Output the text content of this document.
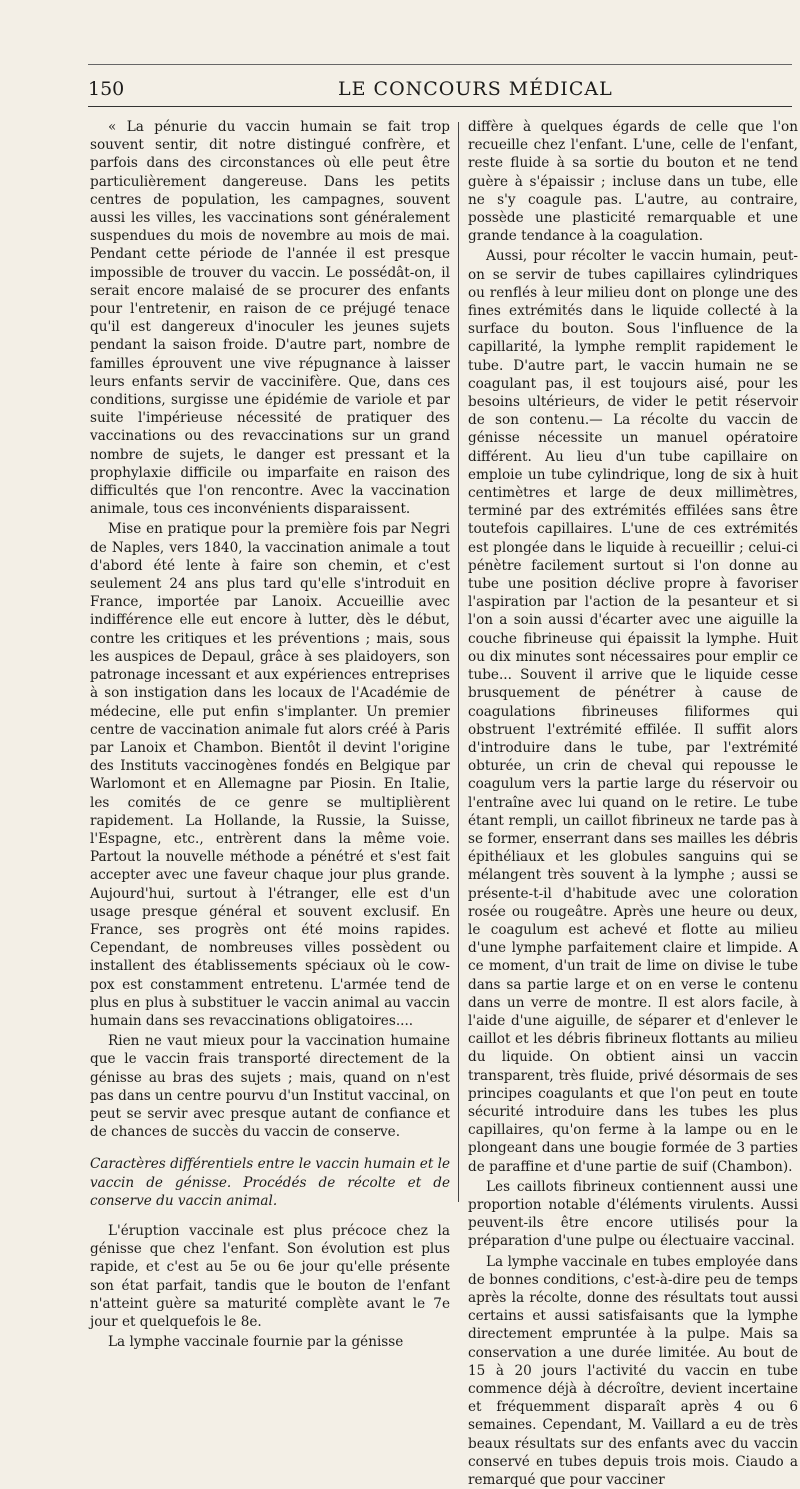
150	LE CONCOURS MÉDICAL

« La pénurie du vaccin humain se fait trop souvent sentir, dit notre distingué confrère, et parfois dans des circonstances où elle peut être particulièrement dangereuse. Dans les petits centres de population, les campagnes, souvent aussi les villes, les vaccinations sont généralement suspendues du mois de novembre au mois de mai. Pendant cette période de l'année il est presque impossible de trouver du vaccin. Le possédât-on, il serait encore malaisé de se procurer des enfants pour l'entretenir, en raison de ce préjugé tenace qu'il est dangereux d'inoculer les jeunes sujets pendant la saison froide. D'autre part, nombre de familles éprouvent une vive répugnance à laisser leurs enfants servir de vaccinifère. Que, dans ces conditions, surgisse une épidémie de variole et par suite l'impérieuse nécessité de pratiquer des vaccinations ou des revaccinations sur un grand nombre de sujets, le danger est pressant et la prophylaxie difficile ou imparfaite en raison des difficultés que l'on rencontre. Avec la vaccination animale, tous ces inconvénients disparaissent.

Mise en pratique pour la première fois par Negri de Naples, vers 1840, la vaccination animale a tout d'abord été lente à faire son chemin, et c'est seulement 24 ans plus tard qu'elle s'introduit en France, importée par Lanoix. Accueillie avec indifférence elle eut encore à lutter, dès le début, contre les critiques et les préventions ; mais, sous les auspices de Depaul, grâce à ses plaidoyers, son patronage incessant et aux expériences entreprises à son instigation dans les locaux de l'Académie de médecine, elle put enfin s'implanter. Un premier centre de vaccination animale fut alors créé à Paris par Lanoix et Chambon. Bientôt il devint l'origine des Instituts vaccinogènes fondés en Belgique par Warlomont et en Allemagne par Piosin. En Italie, les comités de ce genre se multiplièrent rapidement. La Hollande, la Russie, la Suisse, l'Espagne, etc., entrèrent dans la même voie. Partout la nouvelle méthode a pénétré et s'est fait accepter avec une faveur chaque jour plus grande. Aujourd'hui, surtout à l'étranger, elle est d'un usage presque général et souvent exclusif. En France, ses progrès ont été moins rapides. Cependant, de nombreuses villes possèdent ou installent des établissements spéciaux où le cow-pox est constamment entretenu. L'armée tend de plus en plus à substituer le vaccin animal au vaccin humain dans ses revaccinations obligatoires....

Rien ne vaut mieux pour la vaccination humaine que le vaccin frais transporté directement de la génisse au bras des sujets ; mais, quand on n'est pas dans un centre pourvu d'un Institut vaccinal, on peut se servir avec presque autant de confiance et de chances de succès du vaccin de conserve.

Caractères différentiels entre le vaccin humain et le vaccin de génisse. Procédés de récolte et de conserve du vaccin animal.

L'éruption vaccinale est plus précoce chez la génisse que chez l'enfant. Son évolution est plus rapide, et c'est au 5e ou 6e jour qu'elle présente son état parfait, tandis que le bouton de l'enfant n'atteint guère sa maturité complète avant le 7e jour et quelquefois le 8e.

La lymphe vaccinale fournie par la génisse

diffère à quelques égards de celle que l'on recueille chez l'enfant. L'une, celle de l'enfant, reste fluide à sa sortie du bouton et ne tend guère à s'épaissir ; incluse dans un tube, elle ne s'y coagule pas. L'autre, au contraire, possède une plasticité remarquable et une grande tendance à la coagulation.

Aussi, pour récolter le vaccin humain, peut-on se servir de tubes capillaires cylindriques ou renflés à leur milieu dont on plonge une des fines extrémités dans le liquide collecté à la surface du bouton. Sous l'influence de la capillarité, la lymphe remplit rapidement le tube. D'autre part, le vaccin humain ne se coagulant pas, il est toujours aisé, pour les besoins ultérieurs, de vider le petit réservoir de son contenu.— La récolte du vaccin de génisse nécessite un manuel opératoire différent. Au lieu d'un tube capillaire on emploie un tube cylindrique, long de six à huit centimètres et large de deux millimètres, terminé par des extrémités effilées sans être toutefois capillaires. L'une de ces extrémités est plongée dans le liquide à recueillir ; celui-ci pénètre facilement surtout si l'on donne au tube une position déclive propre à favoriser l'aspiration par l'action de la pesanteur et si l'on a soin aussi d'écarter avec une aiguille la couche fibrineuse qui épaissit la lymphe. Huit ou dix minutes sont nécessaires pour emplir ce tube... Souvent il arrive que le liquide cesse brusquement de pénétrer à cause de coagulations fibrineuses filiformes qui obstruent l'extrémité effilée. Il suffit alors d'introduire dans le tube, par l'extrémité obturée, un crin de cheval qui repousse le coagulum vers la partie large du réservoir ou l'entraîne avec lui quand on le retire. Le tube étant rempli, un caillot fibrineux ne tarde pas à se former, enserrant dans ses mailles les débris épithéliaux et les globules sanguins qui se mélangent très souvent à la lymphe ; aussi se présente-t-il d'habitude avec une coloration rosée ou rougeâtre. Après une heure ou deux, le coagulum est achevé et flotte au milieu d'une lymphe parfaitement claire et limpide. A ce moment, d'un trait de lime on divise le tube dans sa partie large et on en verse le contenu dans un verre de montre. Il est alors facile, à l'aide d'une aiguille, de séparer et d'enlever le caillot et les débris fibrineux flottants au milieu du liquide. On obtient ainsi un vaccin transparent, très fluide, privé désormais de ses principes coagulants et que l'on peut en toute sécurité introduire dans les tubes les plus capillaires, qu'on ferme à la lampe ou en le plongeant dans une bougie formée de 3 parties de paraffine et d'une partie de suif (Chambon).

Les caillots fibrineux contiennent aussi une proportion notable d'éléments virulents. Aussi peuvent-ils être encore utilisés pour la préparation d'une pulpe ou électuaire vaccinal.

La lymphe vaccinale en tubes employée dans de bonnes conditions, c'est-à-dire peu de temps après la récolte, donne des résultats tout aussi certains et aussi satisfaisants que la lymphe directement empruntée à la pulpe. Mais sa conservation a une durée limitée. Au bout de 15 à 20 jours l'activité du vaccin en tube commence déjà à décroître, devient incertaine et fréquemment disparaît après 4 ou 6 semaines. Cependant, M. Vaillard a eu de très beaux résultats sur des enfants avec du vaccin conservé en tubes depuis trois mois. Ciaudo a remarqué que pour vacciner
